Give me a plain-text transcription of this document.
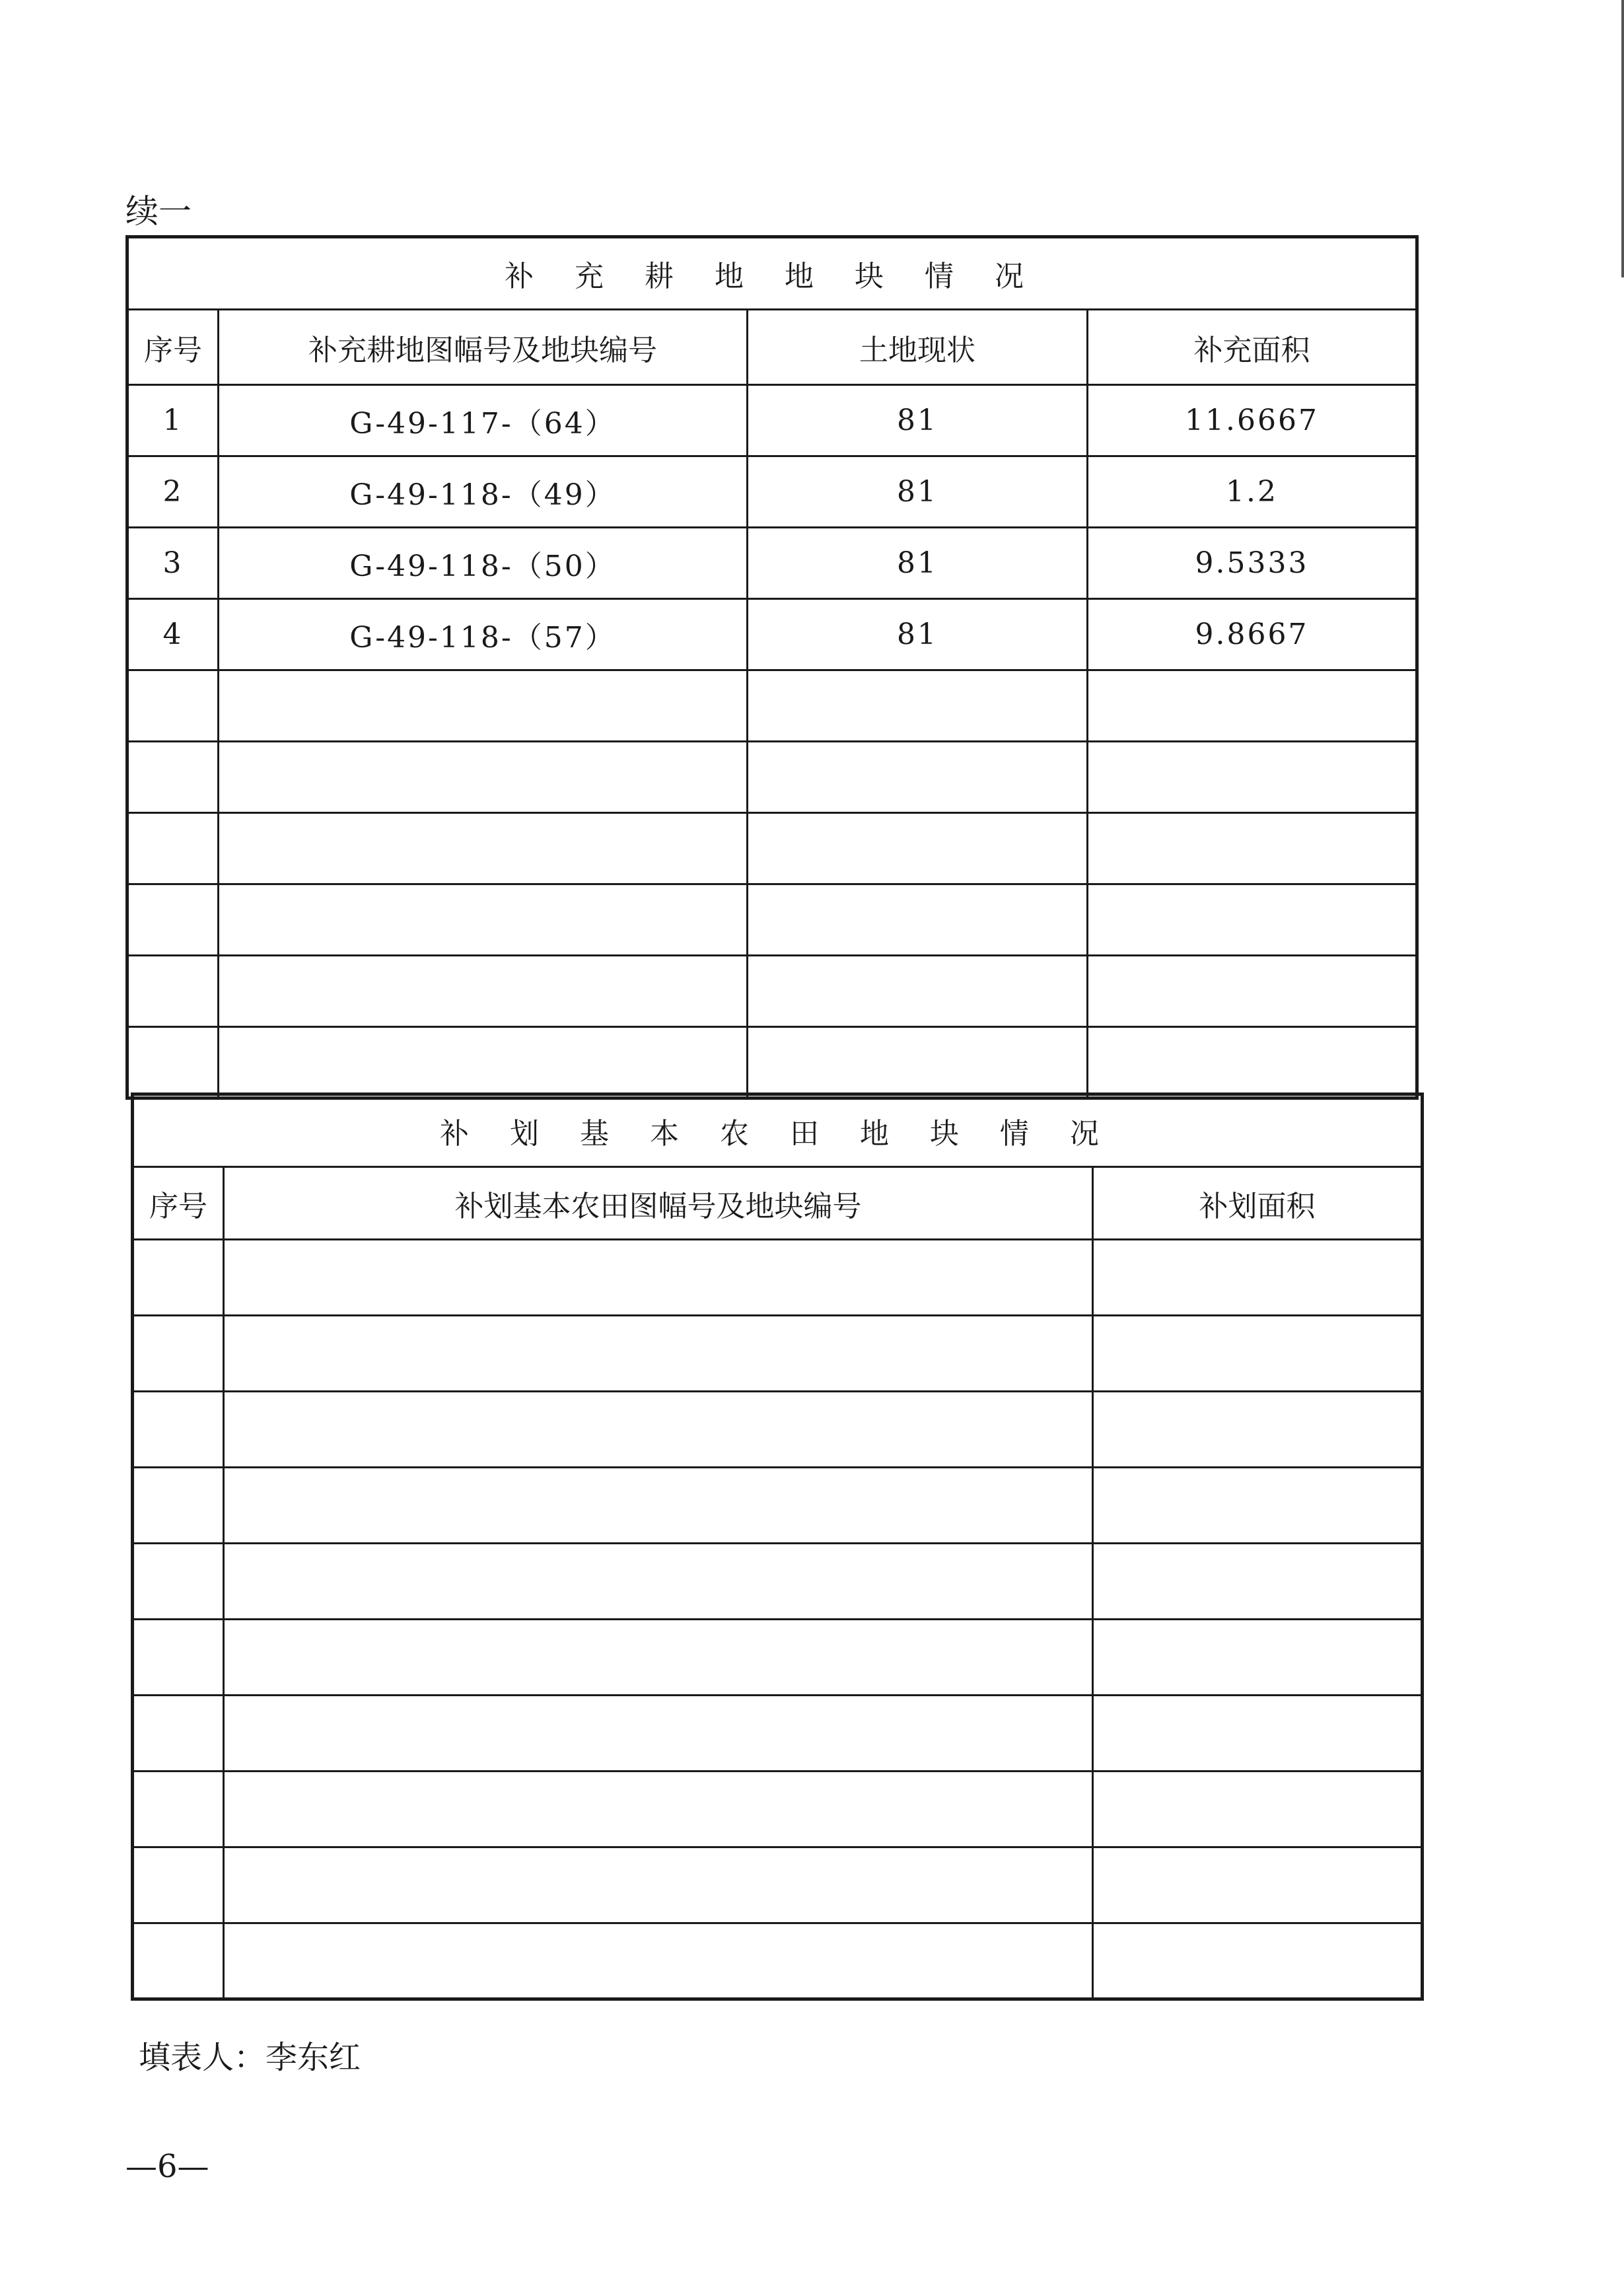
续一
补 充 耕 地 地 块 情 况			
序号	补充耕地图幅号及地块编号	土地现状	补充面积
1	G-49-117-（64）	81	11.6667
2	G-49-118-（49）	81	1.2
3	G-49-118-（50）	81	9.5333
4	G-49-118-（57）	81	9.8667

补 划 基 本 农 田 地 块 情 况		
序号	补划基本农田图幅号及地块编号	补划面积

填表人：李东红
—6—
